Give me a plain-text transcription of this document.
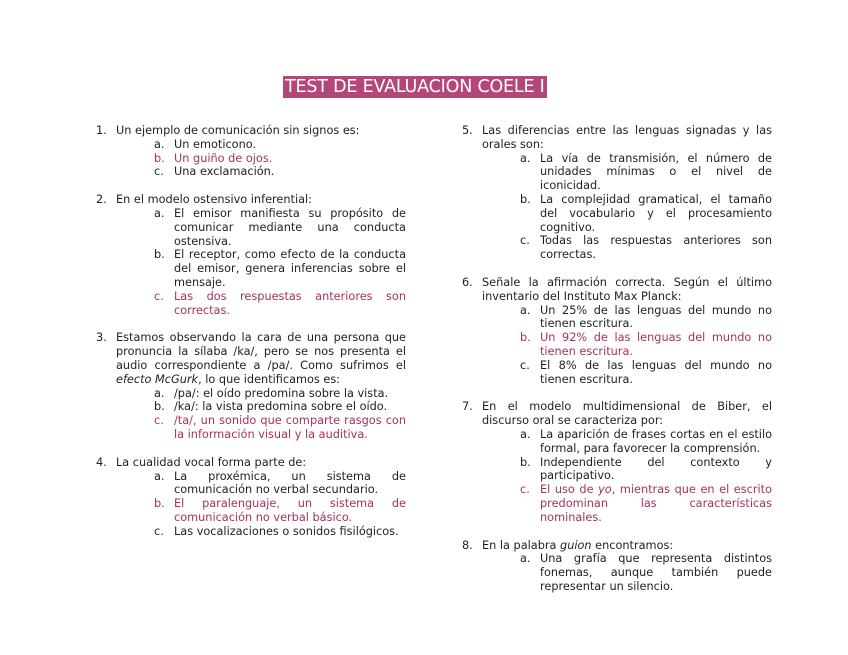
TEST DE EVALUACION COELE I
1. Un ejemplo de comunicación sin signos es:
a. Un emoticono.
b. Un guiño de ojos.
c. Una exclamación.
2. En el modelo ostensivo inferential:
a. El emisor manifiesta su propósito de comunicar mediante una conducta ostensiva.
b. El receptor, como efecto de la conducta del emisor, genera inferencias sobre el mensaje.
c. Las dos respuestas anteriores son correctas.
3. Estamos observando la cara de una persona que pronuncia la sílaba /ka/, pero se nos presenta el audio correspondiente a /pa/. Como sufrimos el efecto McGurk, lo que identificamos es:
a. /pa/: el oído predomina sobre la vista.
b. /ka/: la vista predomina sobre el oído.
c. /ta/, un sonido que comparte rasgos con la información visual y la auditiva.
4. La cualidad vocal forma parte de:
a. La proxémica, un sistema de comunicación no verbal secundario.
b. El paralenguaje, un sistema de comunicación no verbal básico.
c. Las vocalizaciones o sonidos fisilógicos.
5. Las diferencias entre las lenguas signadas y las orales son:
a. La vía de transmisión, el número de unidades mínimas o el nivel de iconicidad.
b. La complejidad gramatical, el tamaño del vocabulario y el procesamiento cognitivo.
c. Todas las respuestas anteriores son correctas.
6. Señale la afirmación correcta. Según el último inventario del Instituto Max Planck:
a. Un 25% de las lenguas del mundo no tienen escritura.
b. Un 92% de las lenguas del mundo no tienen escritura.
c. El 8% de las lenguas del mundo no tienen escritura.
7. En el modelo multidimensional de Biber, el discurso oral se caracteriza por:
a. La aparición de frases cortas en el estilo formal, para favorecer la comprensión.
b. Independiente del contexto y participativo.
c. El uso de yo, mientras que en el escrito predominan las características nominales.
8. En la palabra guion encontramos:
a. Una grafía que representa distintos fonemas, aunque también puede representar un silencio.
